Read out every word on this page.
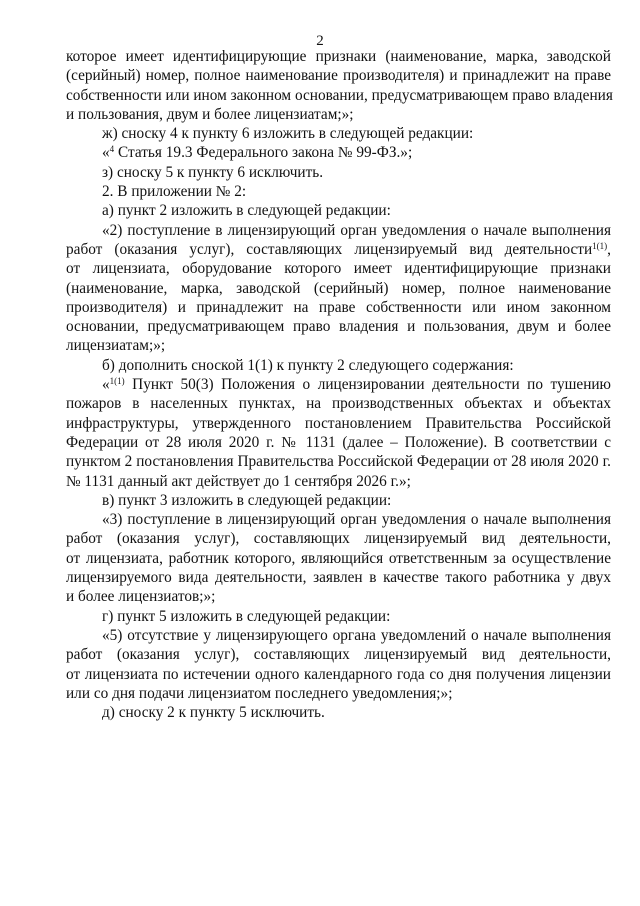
2
которое имеет идентифицирующие признаки (наименование, марка, заводской
(серийный) номер, полное наименование производителя) и принадлежит на праве
собственности или ином законном основании, предусматривающем право владения
и пользования, двум и более лицензиатам;»;
ж) сноску 4 к пункту 6 изложить в следующей редакции:
«$^4$ Статья 19.3 Федерального закона № 99-ФЗ.»;
з) сноску 5 к пункту 6 исключить.
2. В приложении № 2:
а) пункт 2 изложить в следующей редакции:
«2) поступление в лицензирующий орган уведомления о начале выполнения
работ (оказания услуг), составляющих лицензируемый вид деятельности$^{1(1)}$,
от лицензиата, оборудование которого имеет идентифицирующие признаки
(наименование, марка, заводской (серийный) номер, полное наименование
производителя) и принадлежит на праве собственности или ином законном
основании, предусматривающем право владения и пользования, двум и более
лицензиатам;»;
б) дополнить сноской 1(1) к пункту 2 следующего содержания:
«$^{1(1)}$ Пункт 50(3) Положения о лицензировании деятельности по тушению
пожаров в населенных пунктах, на производственных объектах и объектах
инфраструктуры, утвержденного постановлением Правительства Российской
Федерации от 28 июля 2020 г. № 1131 (далее – Положение). В соответствии с
пунктом 2 постановления Правительства Российской Федерации от 28 июля 2020 г.
№ 1131 данный акт действует до 1 сентября 2026 г.»;
в) пункт 3 изложить в следующей редакции:
«3) поступление в лицензирующий орган уведомления о начале выполнения
работ (оказания услуг), составляющих лицензируемый вид деятельности,
от лицензиата, работник которого, являющийся ответственным за осуществление
лицензируемого вида деятельности, заявлен в качестве такого работника у двух
и более лицензиатов;»;
г) пункт 5 изложить в следующей редакции:
«5) отсутствие у лицензирующего органа уведомлений о начале выполнения
работ (оказания услуг), составляющих лицензируемый вид деятельности,
от лицензиата по истечении одного календарного года со дня получения лицензии
или со дня подачи лицензиатом последнего уведомления;»;
д) сноску 2 к пункту 5 исключить.
